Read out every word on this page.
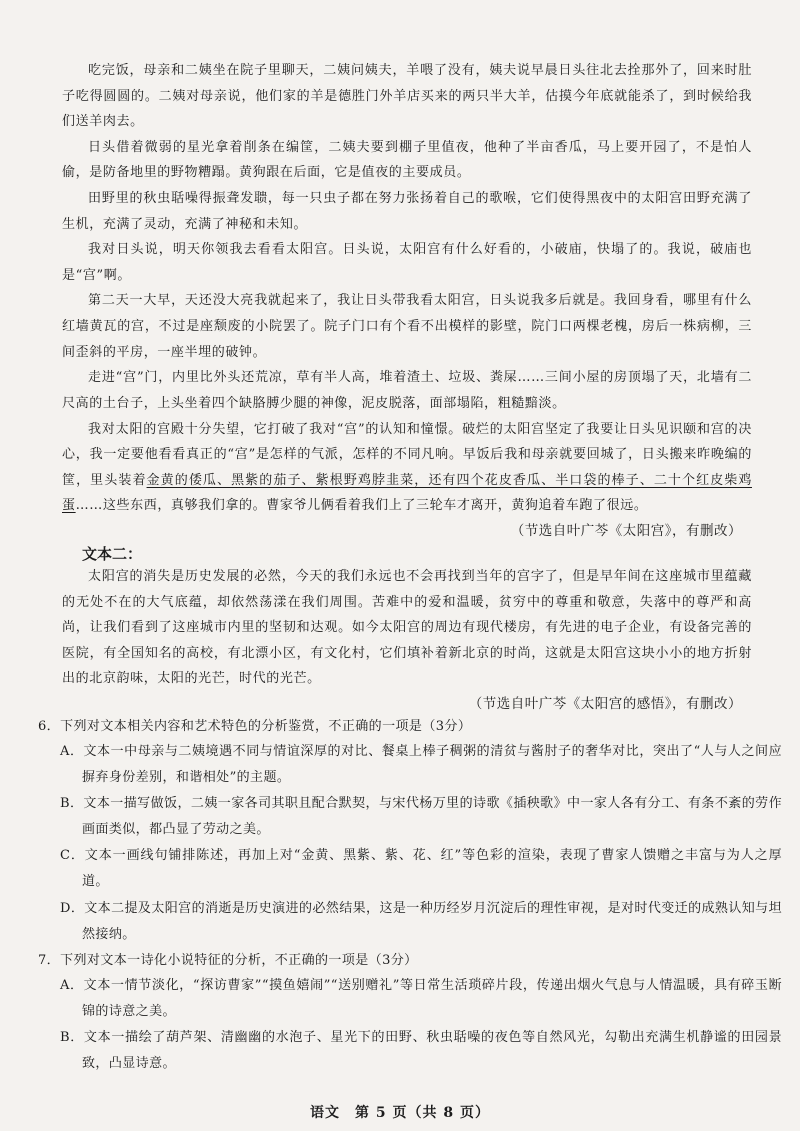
吃完饭，母亲和二姨坐在院子里聊天，二姨问姨夫，羊喂了没有，姨夫说早晨日头往北去拴那外了，回来时肚子吃得圆圆的。二姨对母亲说，他们家的羊是德胜门外羊店买来的两只半大羊，估摸今年底就能杀了，到时候给我们送羊肉去。

日头借着微弱的星光拿着削条在编筐，二姨夫要到棚子里值夜，他种了半亩香瓜，马上要开园了，不是怕人偷，是防备地里的野物糟蹋。黄狗跟在后面，它是值夜的主要成员。

田野里的秋虫聒噪得振聋发聩，每一只虫子都在努力张扬着自己的歌喉，它们使得黑夜中的太阳宫田野充满了生机，充满了灵动，充满了神秘和未知。

我对日头说，明天你领我去看看太阳宫。日头说，太阳宫有什么好看的，小破庙，快塌了的。我说，破庙也是“宫”啊。

第二天一大早，天还没大亮我就起来了，我让日头带我看太阳宫，日头说我多后就是。我回身看，哪里有什么红墙黄瓦的宫，不过是座颓废的小院罢了。院子门口有个看不出模样的影壁，院门口两棵老槐，房后一株病柳，三间歪斜的平房，一座半埋的破钟。

走进“宫”门，内里比外头还荒凉，草有半人高，堆着渣土、垃圾、粪屎……三间小屋的房顶塌了天，北墙有二尺高的土台子，上头坐着四个缺胳膊少腿的神像，泥皮脱落，面部塌陷，粗糙黯淡。

我对太阳的宫殿十分失望，它打破了我对“宫”的认知和憧憬。破烂的太阳宫坚定了我要让日头见识颐和宫的决心，我一定要他看看真正的“宫”是怎样的气派，怎样的不同凡响。早饭后我和母亲就要回城了，日头搬来昨晚编的筐，里头装着金黄的倭瓜、黑紫的茄子、紫根野鸡脖韭菜，还有四个花皮香瓜、半口袋的棒子、二十个红皮柴鸡蛋……这些东西，真够我们拿的。曹家爷儿俩看着我们上了三轮车才离开，黄狗追着车跑了很远。

（节选自叶广芩《太阳宫》，有删改）

文本二：

太阳宫的消失是历史发展的必然，今天的我们永远也不会再找到当年的宫字了，但是早年间在这座城市里蕴藏的无处不在的大气底蕴，却依然荡漾在我们周围。苦难中的爱和温暖，贫穷中的尊重和敬意，失落中的尊严和高尚，让我们看到了这座城市内里的坚韧和达观。如今太阳宫的周边有现代楼房，有先进的电子企业，有设备完善的医院，有全国知名的高校，有北漂小区，有文化村，它们填补着新北京的时尚，这就是太阳宫这块小小的地方折射出的北京韵味，太阳的光芒，时代的光芒。

（节选自叶广芩《太阳宫的感悟》，有删改）

6．下列对文本相关内容和艺术特色的分析鉴赏，不正确的一项是（3分）

A．文本一中母亲与二姨境遇不同与情谊深厚的对比、餐桌上棒子稠粥的清贫与酱肘子的奢华对比，突出了“人与人之间应摒弃身份差别，和谐相处”的主题。

B．文本一描写做饭，二姨一家各司其职且配合默契，与宋代杨万里的诗歌《插秧歌》中一家人各有分工、有条不紊的劳作画面类似，都凸显了劳动之美。

C．文本一画线句铺排陈述，再加上对“金黄、黑紫、紫、花、红”等色彩的渲染，表现了曹家人馈赠之丰富与为人之厚道。

D．文本二提及太阳宫的消逝是历史演进的必然结果，这是一种历经岁月沉淀后的理性审视，是对时代变迁的成熟认知与坦然接纳。

7．下列对文本一诗化小说特征的分析，不正确的一项是（3分）

A．文本一情节淡化，“探访曹家”“摸鱼嬉闹”“送别赠礼”等日常生活琐碎片段，传递出烟火气息与人情温暖，具有碎玉断锦的诗意之美。

B．文本一描绘了葫芦架、清幽幽的水泡子、星光下的田野、秋虫聒噪的夜色等自然风光，勾勒出充满生机静谧的田园景致，凸显诗意。

语文　第 5 页（共 8 页）
